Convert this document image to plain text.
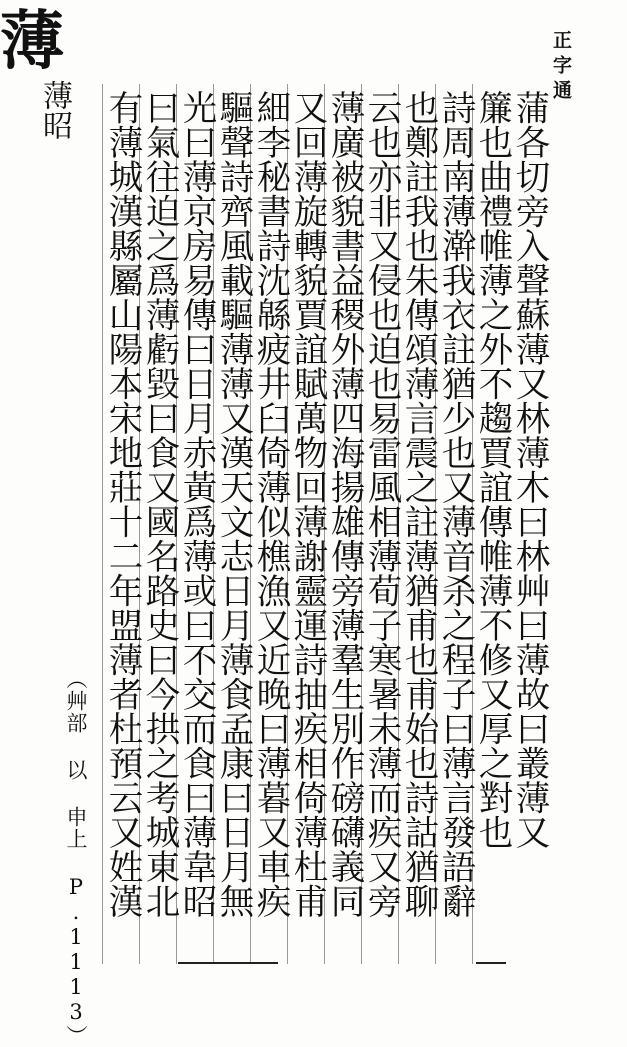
正字通
薄
蒲各切旁入聲蘇薄又林薄木曰林艸曰薄故曰叢薄又
簾也曲禮帷薄之外不趨賈誼傳帷薄不修又厚之對也
詩周南薄澣我衣註猶少也又薄音杀之程子曰薄言發語辭
也鄭註我也朱傳頌薄言震之註薄猶甫也甫始也詩詁猶聊
云也亦非又侵也迫也易雷風相薄荀子寒暑未薄而疾又旁
薄廣被貌書益稷外薄四海揚雄傳旁薄羣生別作磅礴義同
又回薄旋轉貌賈誼賦萬物回薄謝靈運詩抽疾相倚薄杜甫
細李秘書詩沈緜疲井臼倚薄似樵漁又近晚曰薄暮又車疾
驅聲詩齊風載驅薄薄又漢天文志日月薄食孟康曰日月無
光曰薄京房易傳曰日月赤黃爲薄或曰不交而食曰薄韋昭
曰氣往迫之爲薄虧毀曰食又國名路史曰今拱之考城東北
有薄城漢縣屬山陽本宋地莊十二年盟薄者杜預云又姓漢
薄昭
（艸部 以 申上 P.1113）
